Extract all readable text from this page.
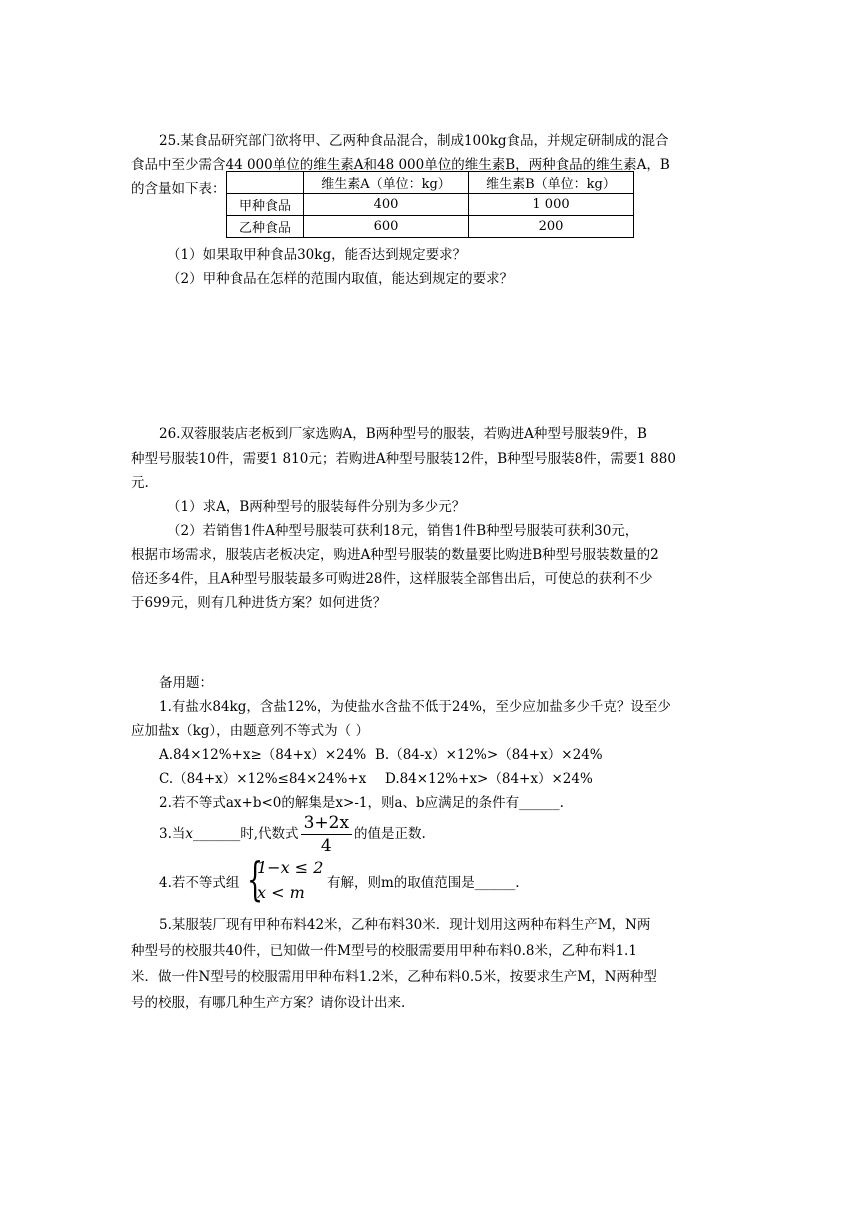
25.某食品研究部门欲将甲、乙两种食品混合，制成100kg食品，并规定研制成的混合
食品中至少需含44 000单位的维生素A和48 000单位的维生素B，两种食品的维生素A，B
的含量如下表：
		维生素A（单位：kg）	维生素B（单位：kg）
甲种食品	400	1 000
乙种食品	600	200
（1）如果取甲种食品30kg，能否达到规定要求？
（2）甲种食品在怎样的范围内取值，能达到规定的要求？
26.双蓉服装店老板到厂家选购A，B两种型号的服装，若购进A种型号服装9件，B
种型号服装10件，需要1 810元；若购进A种型号服装12件，B种型号服装8件，需要1 880
元.
（1）求A，B两种型号的服装每件分别为多少元？
（2）若销售1件A种型号服装可获利18元，销售1件B种型号服装可获利30元，
根据市场需求，服装店老板决定，购进A种型号服装的数量要比购进B种型号服装数量的2
倍还多4件，且A种型号服装最多可购进28件，这样服装全部售出后，可使总的获利不少
于699元，则有几种进货方案？如何进货？
备用题：
1.有盐水84kg，含盐12%，为使盐水含盐不低于24%，至少应加盐多少千克？设至少
应加盐x（kg），由题意列不等式为（ ）
A.84×12%+x≥（84+x）×24% B.（84-x）×12%>（84+x）×24%
C.（84+x）×12%≤84×24%+x	D.84×12%+x>（84+x）×24%
2.若不等式ax+b<0的解集是x>-1，则a、b应满足的条件有______.
3.当x_______时,代数式 $\frac{3+2x}{4}$ 的值是正数.
4.若不等式组 {
1−x ≤ 2
x < m 有解，则m的取值范围是______.
5.某服装厂现有甲种布料42米，乙种布料30米．现计划用这两种布料生产M，N两
种型号的校服共40件，已知做一件M型号的校服需要用甲种布料0.8米，乙种布料1.1
米．做一件N型号的校服需用甲种布料1.2米，乙种布料0.5米，按要求生产M，N两种型
号的校服，有哪几种生产方案？请你设计出来.
